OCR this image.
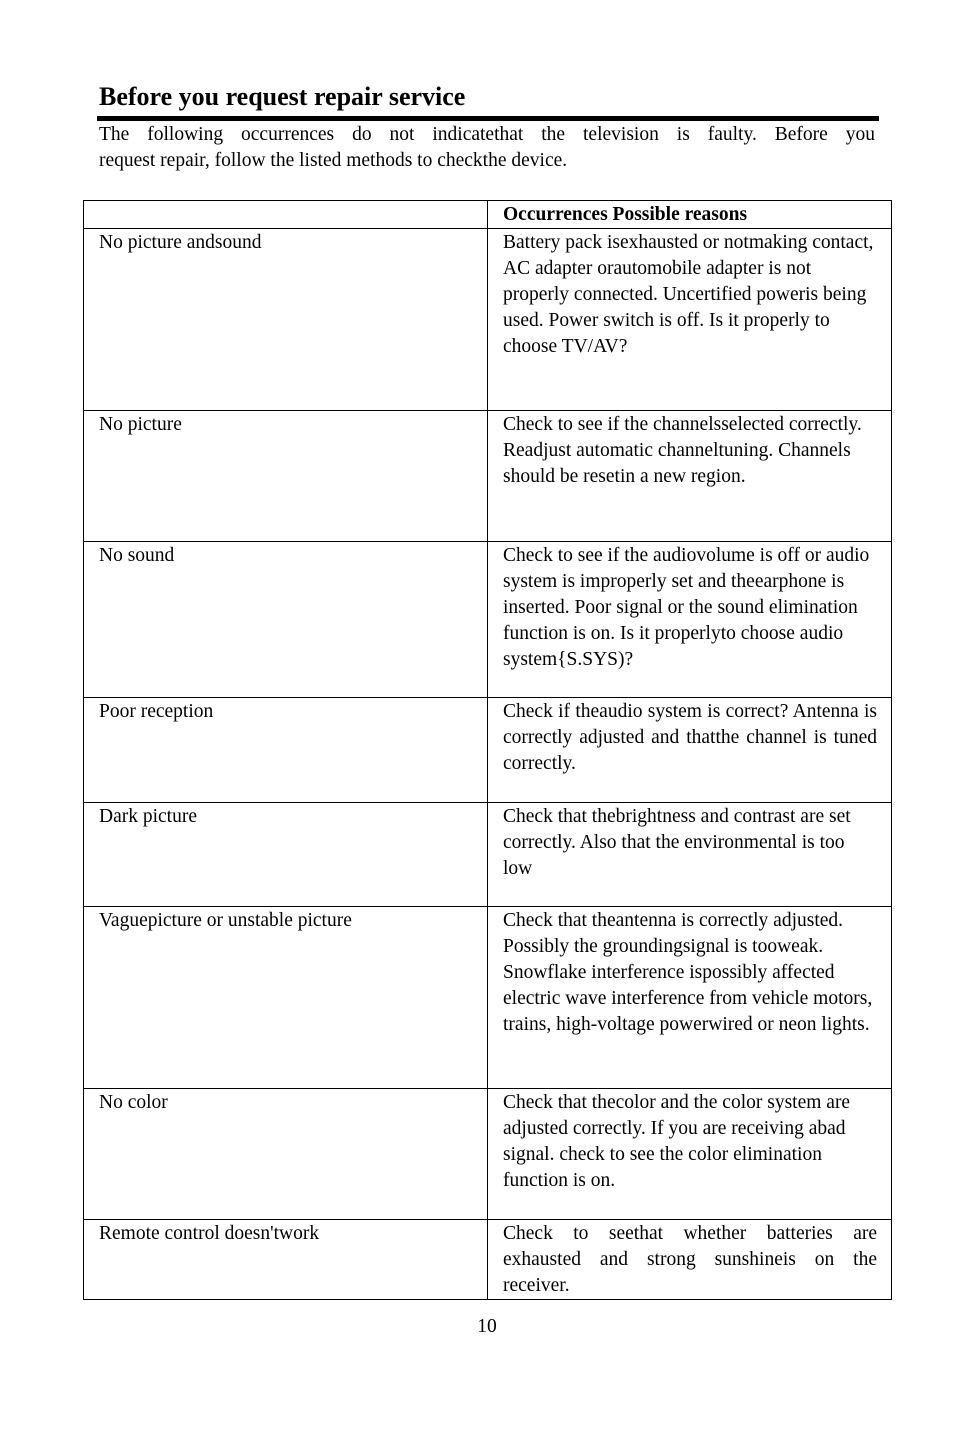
Before you request repair service
The following occurrences do not indicatethat the television is faulty. Before you
request repair, follow the listed methods to checkthe device.
	Occurrences Possible reasons
No picture andsound	Battery pack isexhausted or notmaking contact, AC adapter orautomobile adapter is not properly connected. Uncertified poweris being used. Power switch is off. Is it properly to choose TV/AV?

No picture	Check to see if the channelsselected correctly. Readjust automatic channeltuning. Channels should be resetin a new region.

No sound	Check to see if the audiovolume is off or audio system is improperly set and theearphone is inserted. Poor signal or the sound elimination function is on. Is it properlyto choose audio system{S.SYS)?

Poor reception	Check if theaudio system is correct? Antenna is correctly adjusted and thatthe channel is tuned correctly.

Dark picture	Check that thebrightness and contrast are set correctly. Also that the environmental is too low

Vaguepicture or unstable picture	Check that theantenna is correctly adjusted. Possibly the groundingsignal is tooweak. Snowflake interference ispossibly affected electric wave interference from vehicle motors, trains, high-voltage powerwired or neon lights.

No color	Check that thecolor and the color system are adjusted correctly. If you are receiving abad signal. check to see the color elimination function is on.

Remote control doesn'twork	Check to seethat whether batteries are exhausted and strong sunshineis on the receiver.
10
